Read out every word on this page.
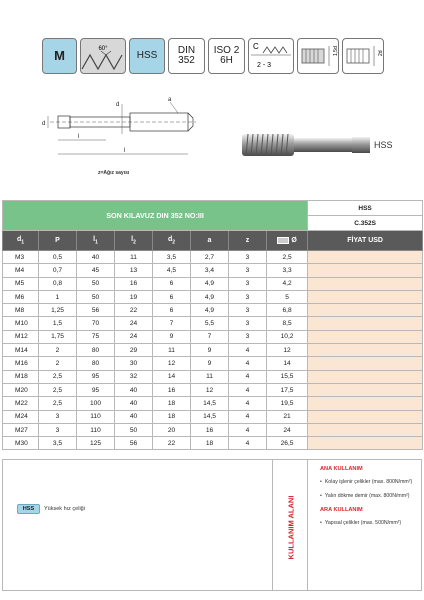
M	60°
HSS DIN
352
ISO 2
6H
C
2 - 3
1,5d	2d
d
l
l
d
a
z=Ağız sayısı
HSS
SON KILAVUZ DIN 352 NO:III								HSS
								C.352S
$d_1$	P	$l_1$	$l_2$	$d_2$	a	z	Ø	FİYAT USD
M3	0,5	40	11	3,5	2,7	3	2,5	
M4	0,7	45	13	4,5	3,4	3	3,3	
M5	0,8	50	16	6	4,9	3	4,2	
M6	1	50	19	6	4,9	3	5	
M8	1,25	56	22	6	4,9	3	6,8	
M10	1,5	70	24	7	5,5	3	8,5	
M12	1,75	75	24	9	7	3	10,2	
M14	2	80	29	11	9	4	12	
M16	2	80	30	12	9	4	14	
M18	2,5	95	32	14	11	4	15,5	
M20	2,5	95	40	16	12	4	17,5	
M22	2,5	100	40	18	14,5	4	19,5	
M24	3	110	40	18	14,5	4	21	
M27	3	110	50	20	16	4	24	
M30	3,5	125	56	22	18	4	26,5	
HSS	Yüksek hız çeliği	KULLANIM ALANI
ANA KULLANIM
• Kolay işlenir çelikler (max. 800N/mm²)
• Yalın dökme demir (max. 800N/mm²)
ARA KULLANIM
• Yapısal çelikler (max. 500N/mm²)
